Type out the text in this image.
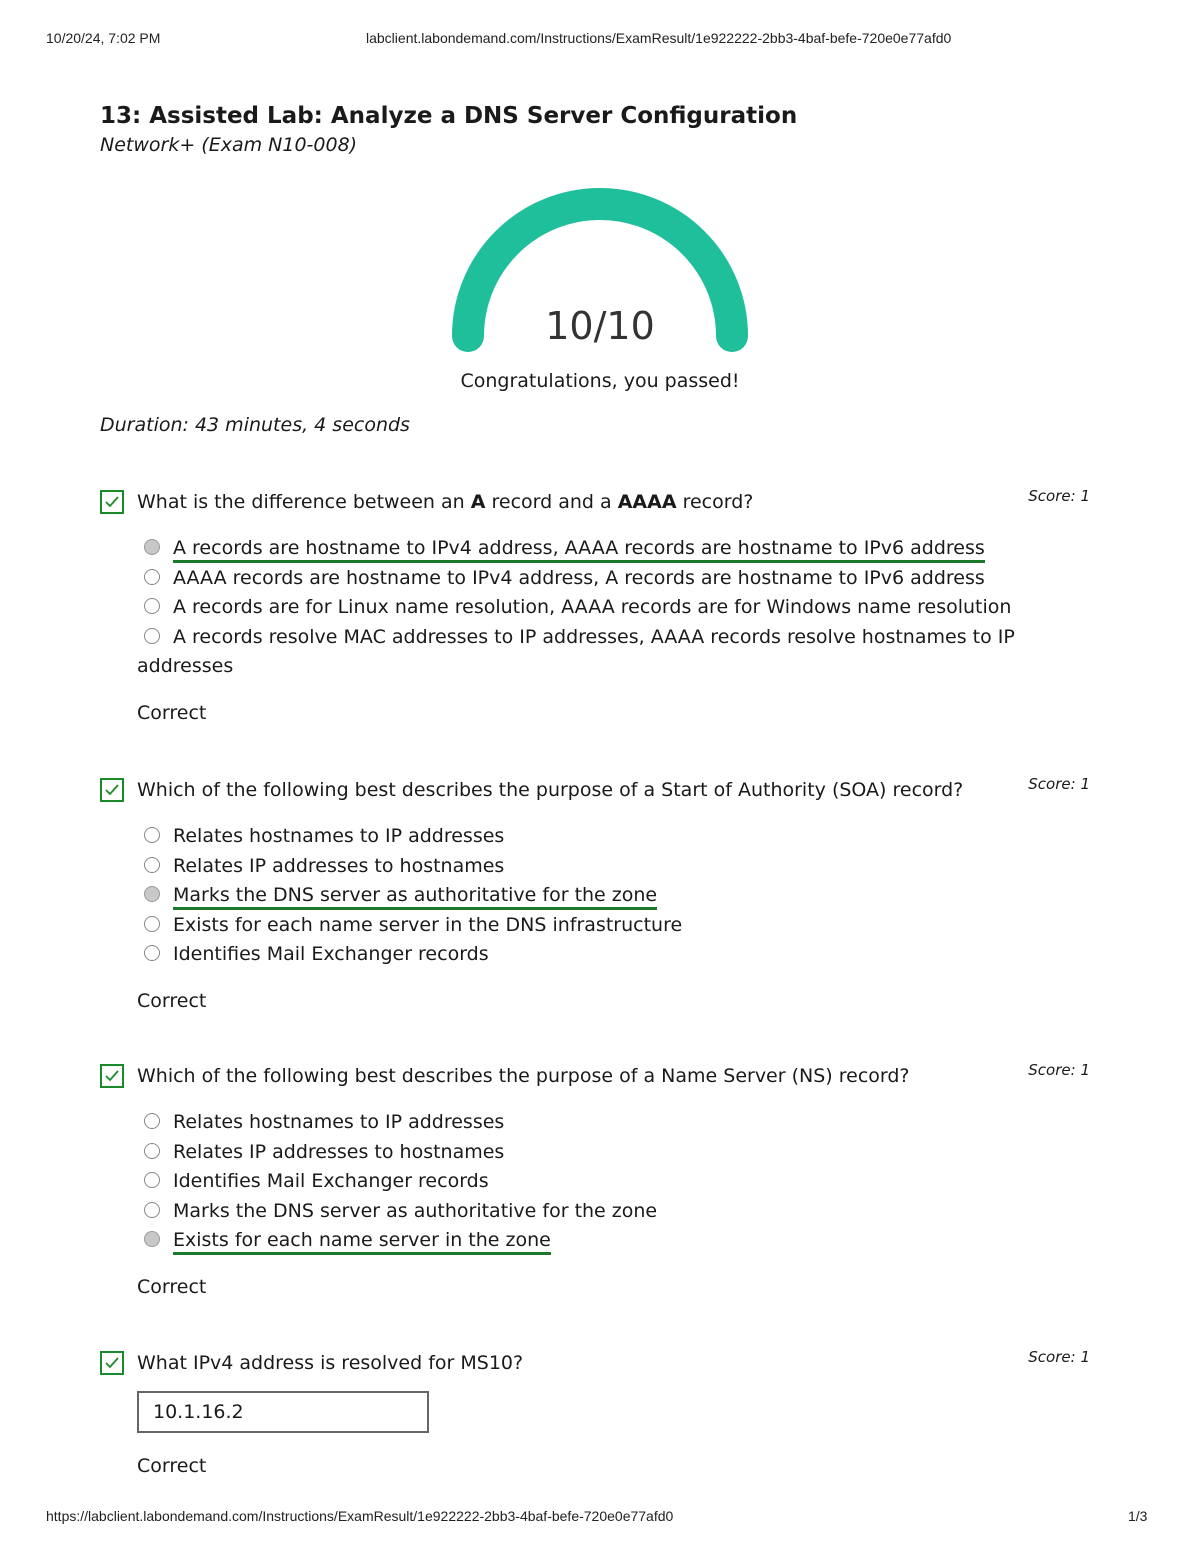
10/20/24, 7:02 PM	labclient.labondemand.com/Instructions/ExamResult/1e922222-2bb3-4baf-befe-720e0e77afd0
13: Assisted Lab: Analyze a DNS Server Configuration

Network+ (Exam N10-008)

10/10
Congratulations, you passed!
Duration: 43 minutes, 4 seconds
What is the difference between an A record and a AAAA record?	Score: 1
A records are hostname to IPv4 address, AAAA records are hostname to IPv6 address
AAAA records are hostname to IPv4 address, A records are hostname to IPv6 address
A records are for Linux name resolution, AAAA records are for Windows name resolution
A records resolve MAC addresses to IP addresses, AAAA records resolve hostnames to IP
addresses
Correct
Which of the following best describes the purpose of a Start of Authority (SOA) record?	Score: 1
Relates hostnames to IP addresses
Relates IP addresses to hostnames
Marks the DNS server as authoritative for the zone
Exists for each name server in the DNS infrastructure
Identifies Mail Exchanger records
Correct
Which of the following best describes the purpose of a Name Server (NS) record?	Score: 1
Relates hostnames to IP addresses
Relates IP addresses to hostnames
Identifies Mail Exchanger records
Marks the DNS server as authoritative for the zone
Exists for each name server in the zone
Correct
What IPv4 address is resolved for MS10?	Score: 1
10.1.16.2
Correct
https://labclient.labondemand.com/Instructions/ExamResult/1e922222-2bb3-4baf-befe-720e0e77afd0	1/3
